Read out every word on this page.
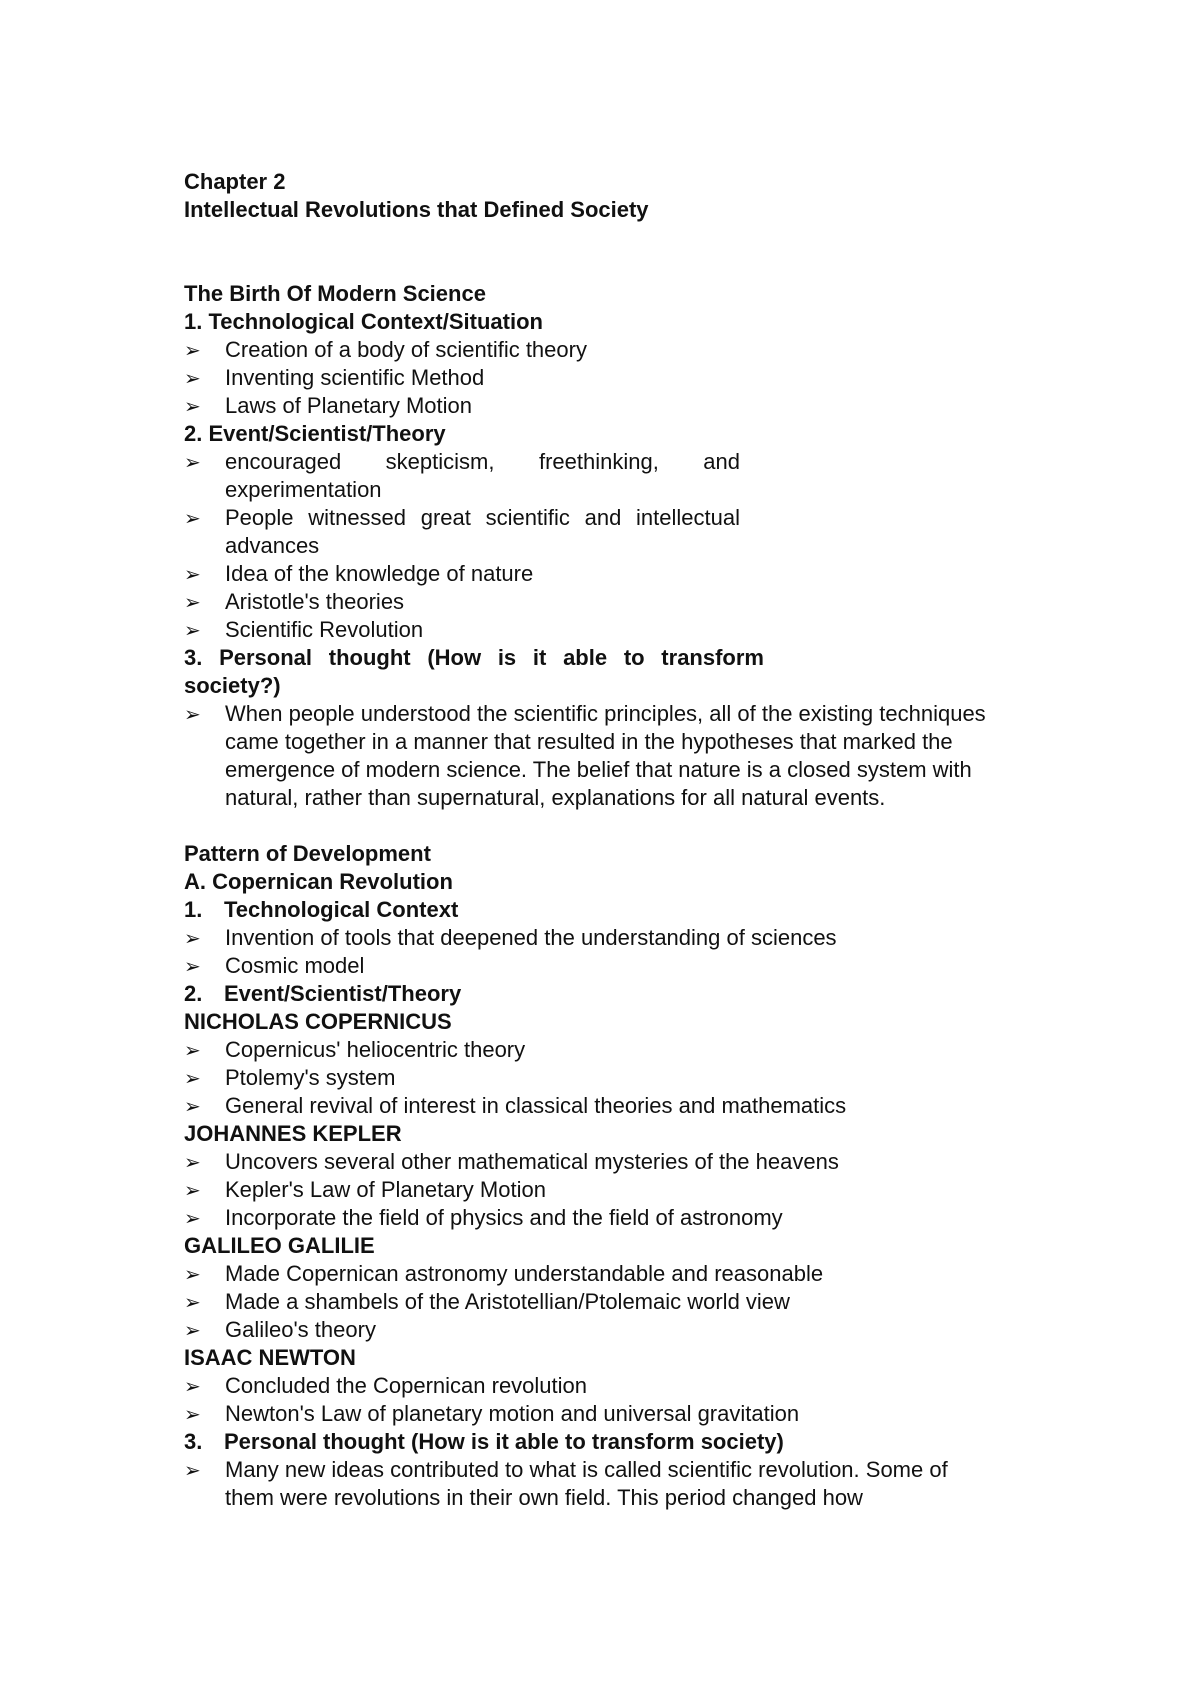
Chapter 2

Intellectual Revolutions that Defined Society

The Birth Of Modern Science

1. Technological Context/Situation

➢	Creation of a body of scientific theory
➢	Inventing scientific Method
➢	Laws of Planetary Motion

2. Event/Scientist/Theory

➢	encouraged skepticism, freethinking, and experimentation
➢	People witnessed great scientific and intellectual advances
➢	Idea of the knowledge of nature
➢	Aristotle's theories
➢	Scientific Revolution

3. Personal thought (How is it able to transform society?)

➢	When people understood the scientific principles, all of the existing techniques came together in a manner that resulted in the hypotheses that marked the emergence of modern science. The belief that nature is a closed system with natural, rather than supernatural, explanations for all natural events.

Pattern of Development

A. Copernican Revolution

1. Technological Context

➢	Invention of tools that deepened the understanding of sciences
➢	Cosmic model

2. Event/Scientist/Theory

NICHOLAS COPERNICUS

➢	Copernicus' heliocentric theory
➢	Ptolemy's system
➢	General revival of interest in classical theories and mathematics

JOHANNES KEPLER

➢	Uncovers several other mathematical mysteries of the heavens
➢	Kepler's Law of Planetary Motion
➢	Incorporate the field of physics and the field of astronomy

GALILEO GALILIE

➢	Made Copernican astronomy understandable and reasonable
➢	Made a shambels of the Aristotellian/Ptolemaic world view
➢	Galileo's theory

ISAAC NEWTON

➢	Concluded the Copernican revolution
➢	Newton's Law of planetary motion and universal gravitation

3. Personal thought (How is it able to transform society)

➢	Many new ideas contributed to what is called scientific revolution. Some of them were revolutions in their own field. This period changed how
